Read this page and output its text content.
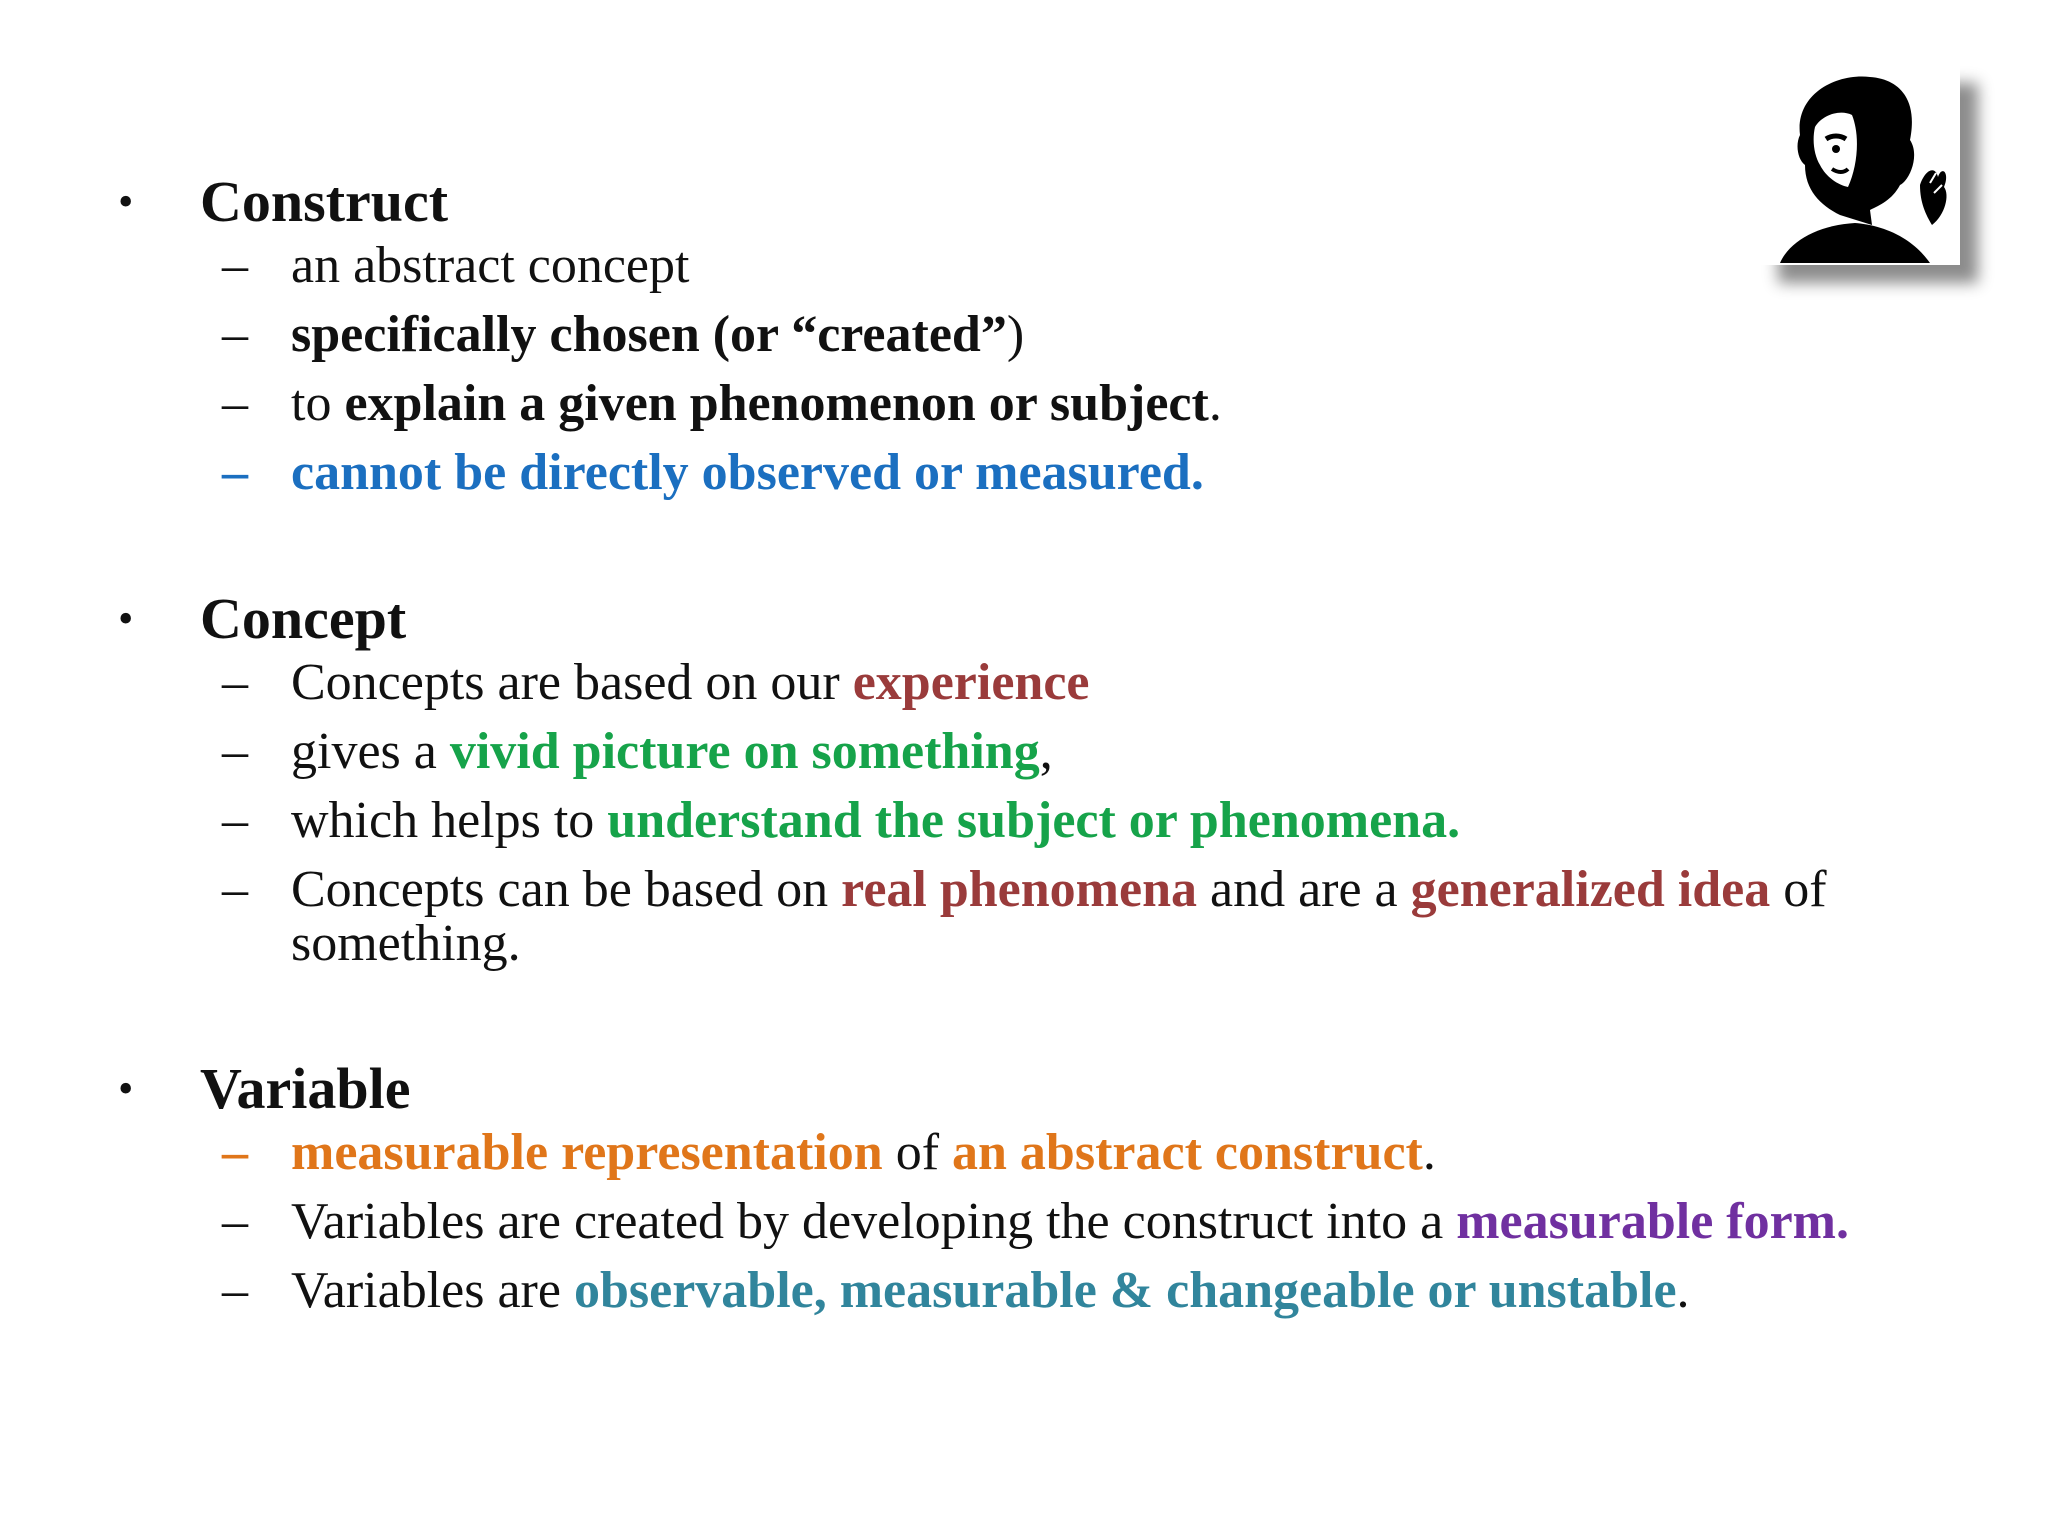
• Construct
– an abstract concept
– specifically chosen (or “created”)
– to explain a given phenomenon or subject.
– cannot be directly observed or measured.
• Concept
– Concepts are based on our experience
– gives a vivid picture on something,
– which helps to understand the subject or phenomena.
– Concepts can be based on real phenomena and are a generalized idea of something.
• Variable
– measurable representation of an abstract construct.
– Variables are created by developing the construct into a measurable form.
– Variables are observable, measurable & changeable or unstable.
